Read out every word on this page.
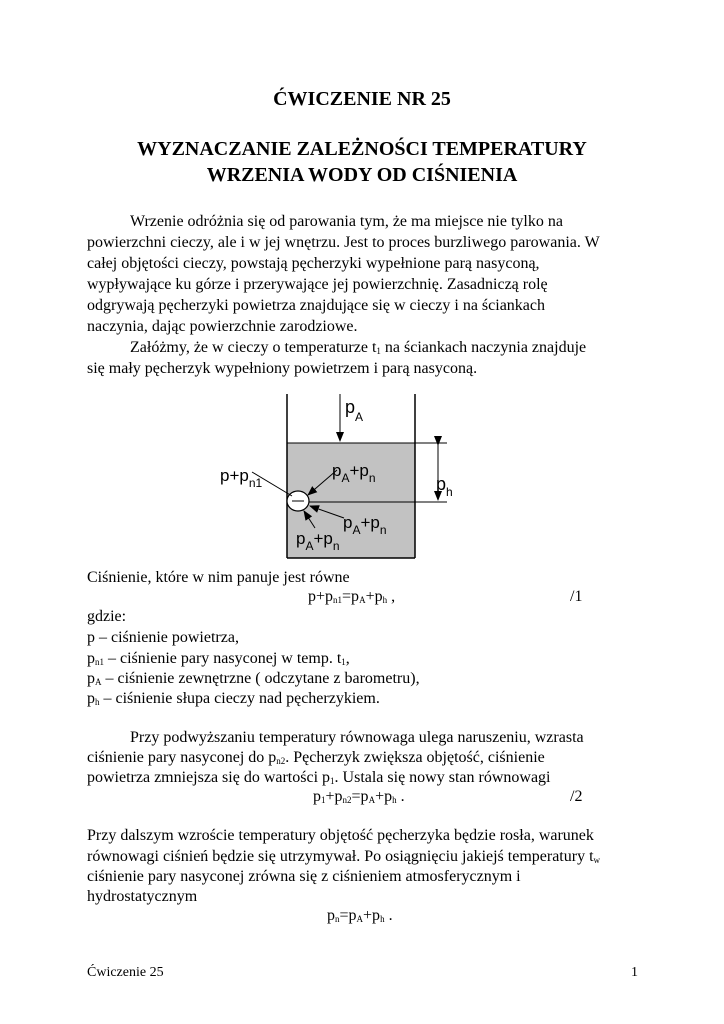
ĆWICZENIE NR 25
WYZNACZANIE ZALEŻNOŚCI TEMPERATURY
WRZENIA WODY OD CIŚNIENIA
Wrzenie odróżnia się od parowania tym, że ma miejsce nie tylko na
powierzchni cieczy, ale i w jej wnętrzu. Jest to proces burzliwego parowania. W
całej objętości cieczy, powstają pęcherzyki wypełnione parą nasyconą,
wypływające ku górze i przerywające jej powierzchnię. Zasadniczą rolę
odgrywają pęcherzyki powietrza znajdujące się w cieczy i na ściankach
naczynia, dając powierzchnie zarodziowe.
Załóżmy, że w cieczy o temperaturze $t_1$ na ściankach naczynia znajduje
się mały pęcherzyk wypełniony powietrzem i parą nasyconą.
$p_A$
$p_h$
$p+p_{n1}$
$p_A+p_n$
$p_A+p_n$
$p_A+p_n$
Ciśnienie, które w nim panuje jest równe
$p+p_{n1}=p_A+p_h$ ,	/1
gdzie:
p – ciśnienie powietrza,
$p_{n1}$ – ciśnienie pary nasyconej w temp. $t_1$,
$p_A$ – ciśnienie zewnętrzne ( odczytane z barometru),
$p_h$ – ciśnienie słupa cieczy nad pęcherzykiem.
Przy podwyższaniu temperatury równowaga ulega naruszeniu, wzrasta
ciśnienie pary nasyconej do $p_{n2}$. Pęcherzyk zwiększa objętość, ciśnienie
powietrza zmniejsza się do wartości $p_1$. Ustala się nowy stan równowagi
$p_1+p_{n2}=p_A+p_h$ .	/2
Przy dalszym wzroście temperatury objętość pęcherzyka będzie rosła, warunek
równowagi ciśnień będzie się utrzymywał. Po osiągnięciu jakiejś temperatury $t_w$
ciśnienie pary nasyconej zrówna się z ciśnieniem atmosferycznym i
hydrostatycznym
$p_n=p_A+p_h$ .
Ćwiczenie 25	1
